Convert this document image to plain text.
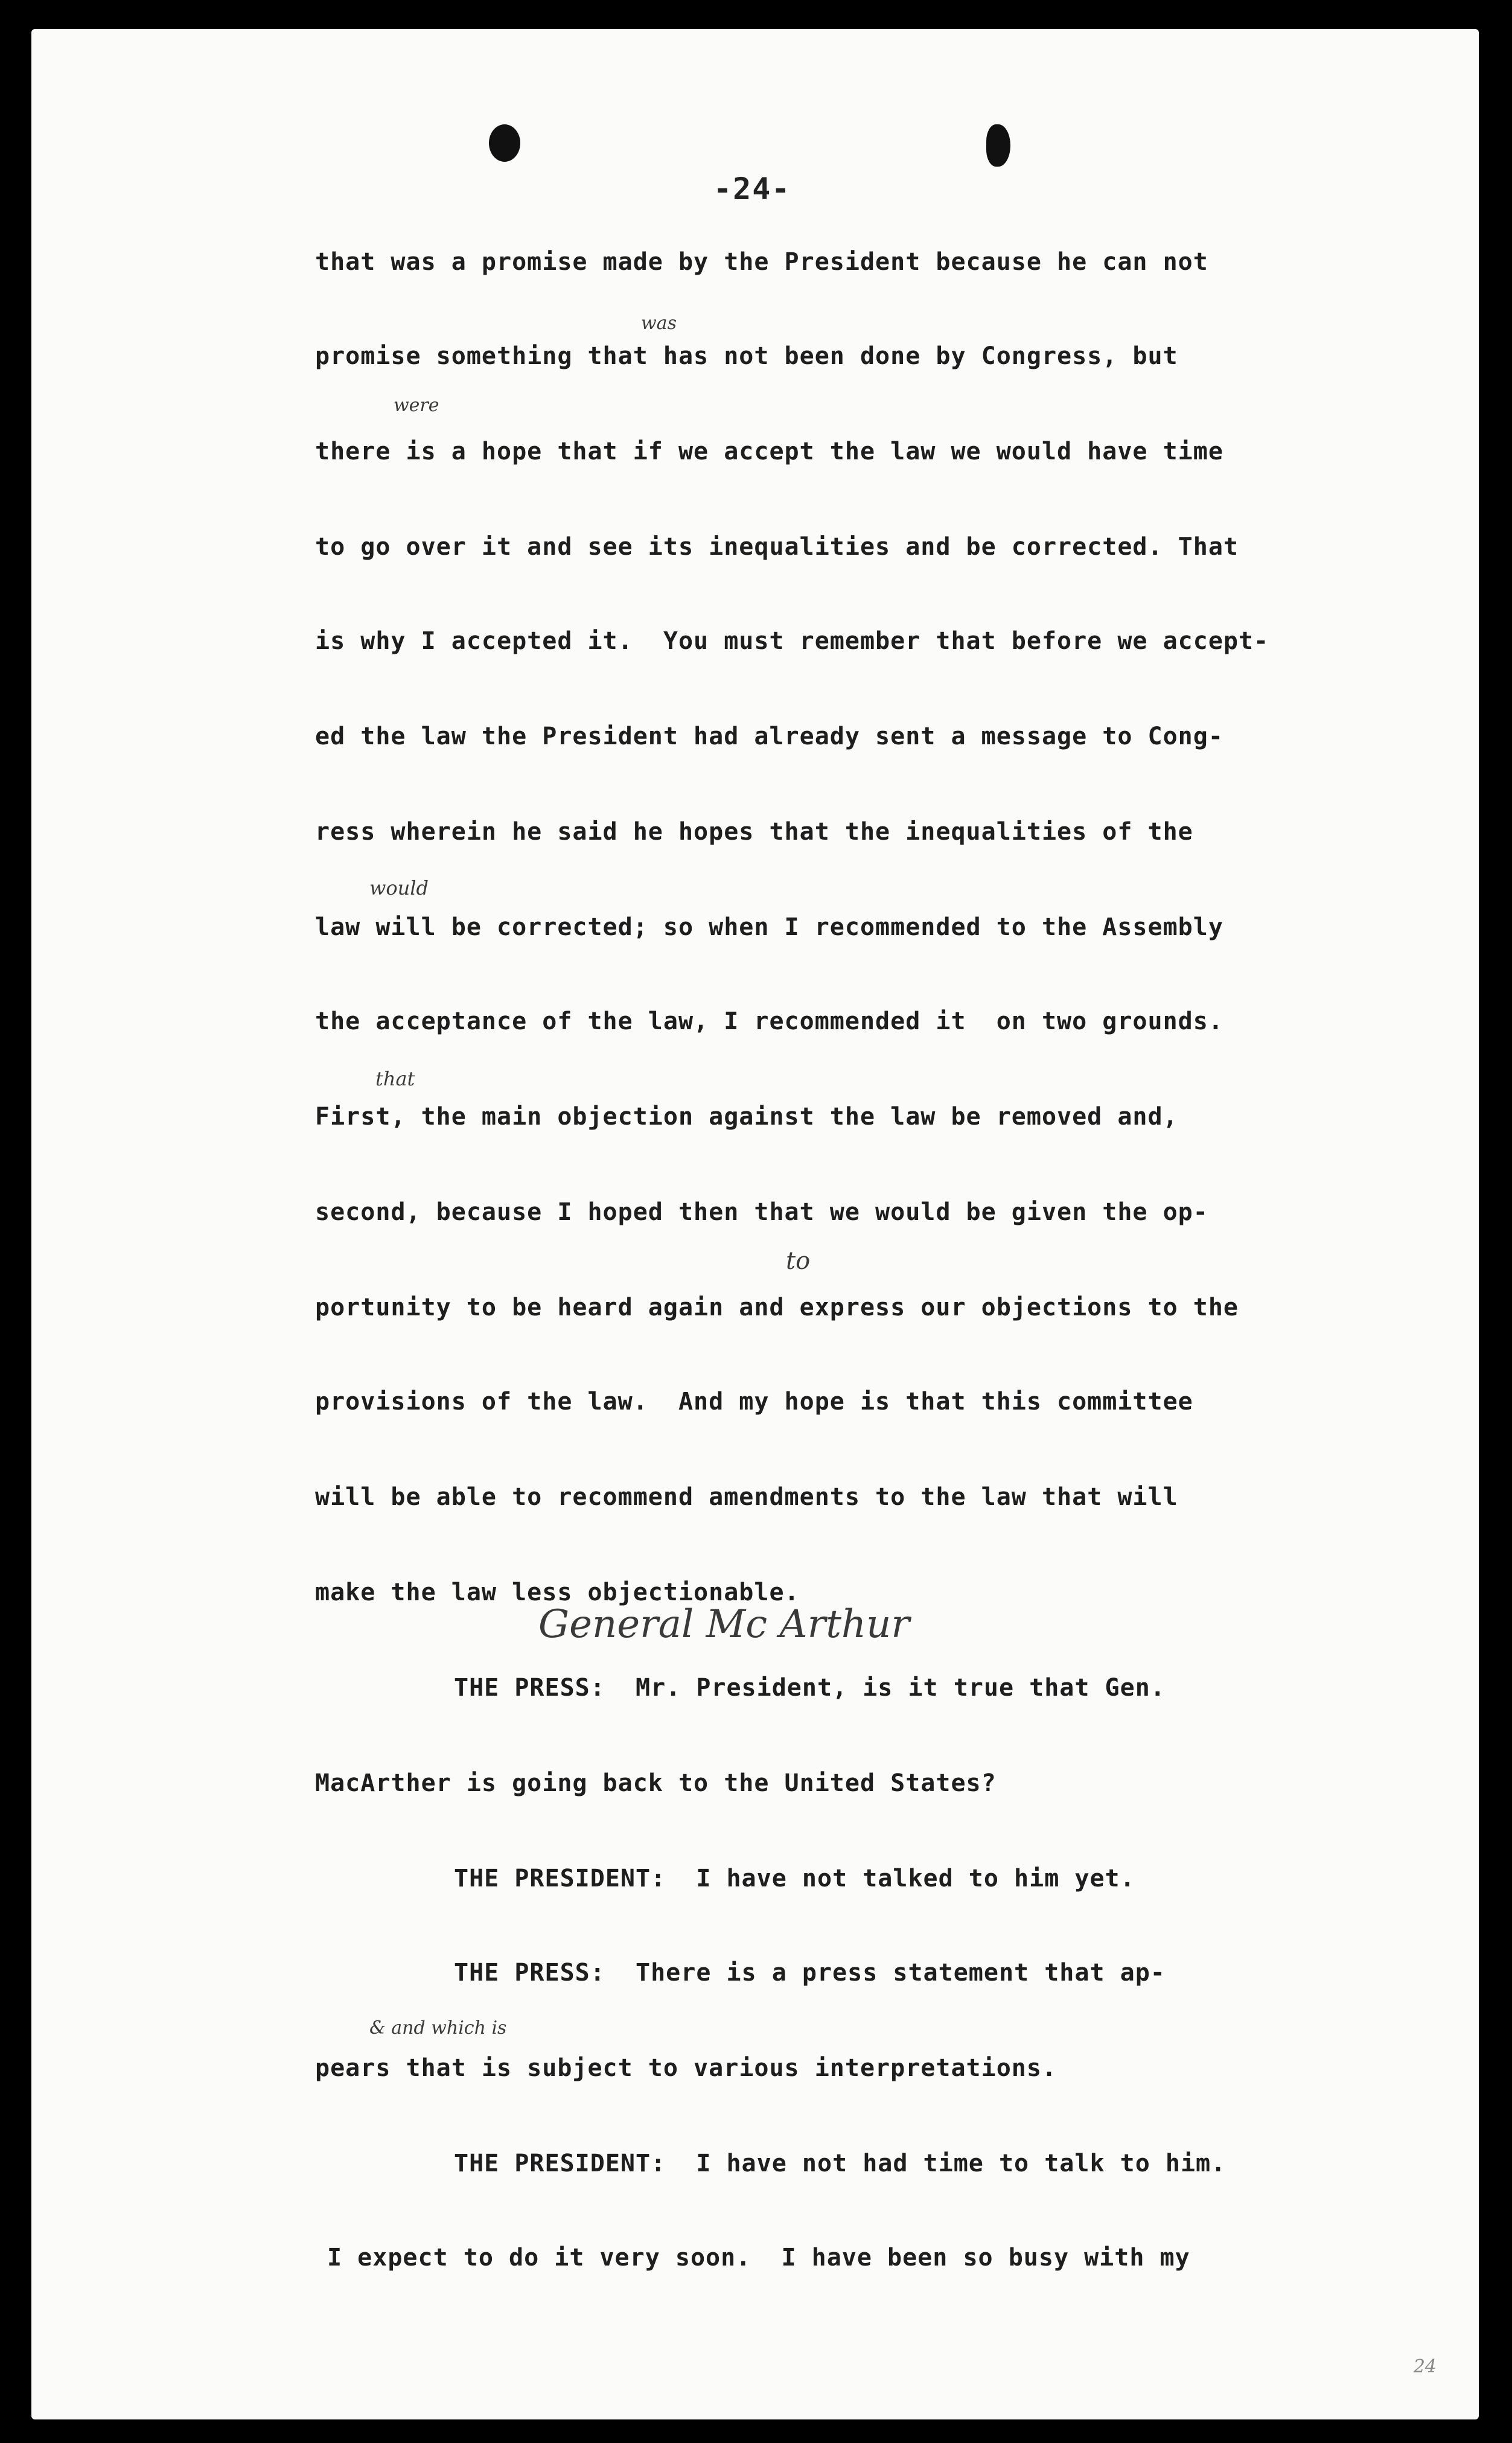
-24-

that was a promise made by the President because he can not

promise something that has not been done by Congress, but

there is a hope that if we accept the law we would have time

to go over it and see its inequalities and be corrected. That

is why I accepted it.  You must remember that before we accept-

ed the law the President had already sent a message to Cong-

ress wherein he said he hopes that the inequalities of the

law will be corrected; so when I recommended to the Assembly

the acceptance of the law, I recommended it  on two grounds.

First, the main objection against the law be removed and,

second, because I hoped then that we would be given the op-

portunity to be heard again and express our objections to the

provisions of the law.  And my hope is that this committee

will be able to recommend amendments to the law that will

make the law less objectionable.

General Mc Arthur

THE PRESS:  Mr. President, is it true that Gen.

MacArther is going back to the United States?

THE PRESIDENT:  I have not talked to him yet.

THE PRESS:  There is a press statement that ap-

pears that is subject to various interpretations.

THE PRESIDENT:  I have not had time to talk to him.

I expect to do it very soon.  I have been so busy with my

was
were
would
that
to
& and which is
24
